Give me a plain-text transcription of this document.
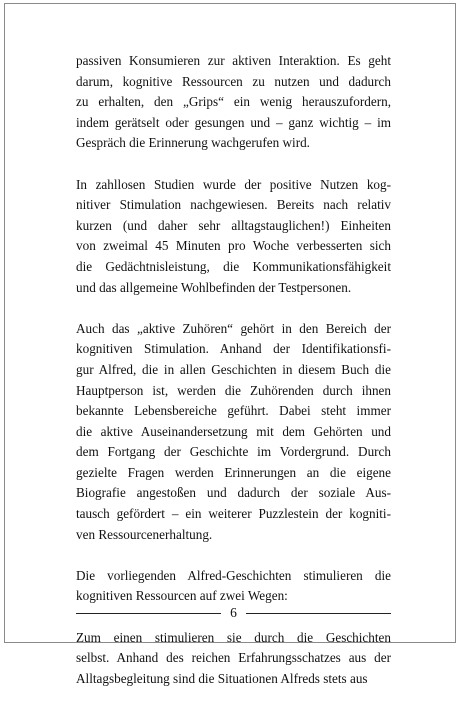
passiven Konsumieren zur aktiven Interaktion. Es geht
darum, kognitive Ressourcen zu nutzen und dadurch
zu erhalten, den „Grips“ ein wenig herauszufordern,
indem gerätselt oder gesungen und – ganz wichtig – im
Gespräch die Erinnerung wachgerufen wird.

In zahllosen Studien wurde der positive Nutzen kog-
nitiver Stimulation nachgewiesen. Bereits nach relativ
kurzen (und daher sehr alltagstauglichen!) Einheiten
von zweimal 45 Minuten pro Woche verbesserten sich
die Gedächtnisleistung, die Kommunikationsfähigkeit
und das allgemeine Wohlbefinden der Testpersonen.

Auch das „aktive Zuhören“ gehört in den Bereich der
kognitiven Stimulation. Anhand der Identifikationsfi-
gur Alfred, die in allen Geschichten in diesem Buch die
Hauptperson ist, werden die Zuhörenden durch ihnen
bekannte Lebensbereiche geführt. Dabei steht immer
die aktive Auseinandersetzung mit dem Gehörten und
dem Fortgang der Geschichte im Vordergrund. Durch
gezielte Fragen werden Erinnerungen an die eigene
Biografie angestoßen und dadurch der soziale Aus-
tausch gefördert – ein weiterer Puzzlestein der kogniti-
ven Ressourcenerhaltung.

Die vorliegenden Alfred-Geschichten stimulieren die
kognitiven Ressourcen auf zwei Wegen:

Zum einen stimulieren sie durch die Geschichten
selbst. Anhand des reichen Erfahrungsschatzes aus der
Alltagsbegleitung sind die Situationen Alfreds stets aus

6
